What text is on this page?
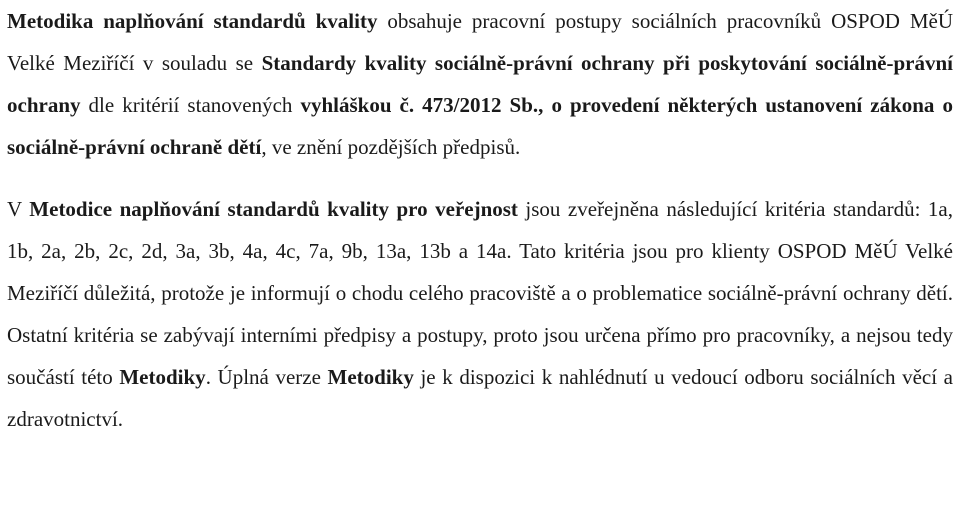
Metodika naplňování standardů kvality obsahuje pracovní postupy sociálních pracovníků OSPOD MěÚ Velké Meziříčí v souladu se Standardy kvality sociálně-právní ochrany při poskytování sociálně-právní ochrany dle kritérií stanovených vyhláškou č. 473/2012 Sb., o provedení některých ustanovení zákona o sociálně-právní ochraně dětí, ve znění pozdějších předpisů.

V Metodice naplňování standardů kvality pro veřejnost jsou zveřejněna následující kritéria standardů: 1a, 1b, 2a, 2b, 2c, 2d, 3a, 3b, 4a, 4c, 7a, 9b, 13a, 13b a 14a. Tato kritéria jsou pro klienty OSPOD MěÚ Velké Meziříčí důležitá, protože je informují o chodu celého pracoviště a o problematice sociálně-právní ochrany dětí. Ostatní kritéria se zabývají interními předpisy a postupy, proto jsou určena přímo pro pracovníky, a nejsou tedy součástí této Metodiky. Úplná verze Metodiky je k dispozici k nahlédnutí u vedoucí odboru sociálních věcí a zdravotnictví.
